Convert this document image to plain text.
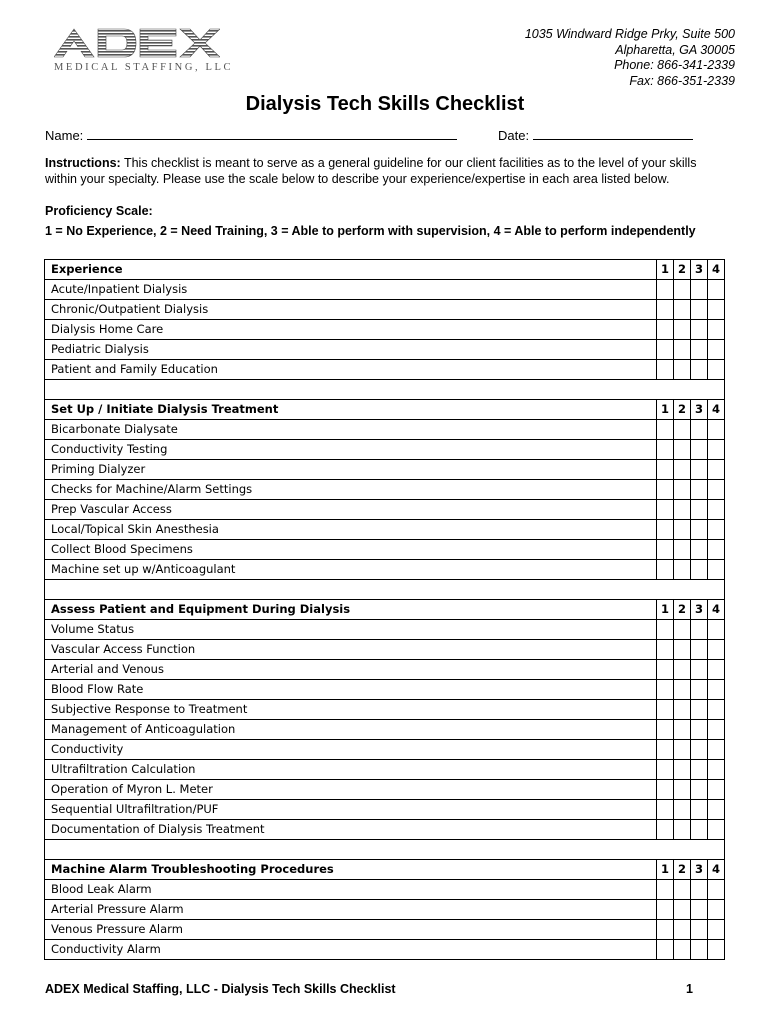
MEDICAL STAFFING, LLC
1035 Windward Ridge Prky, Suite 500
Alpharetta, GA 30005
Phone: 866-341-2339
Fax: 866-351-2339
Dialysis Tech Skills Checklist
Name:	Date:
Instructions: This checklist is meant to serve as a general guideline for our client facilities as to the level of your skills within your specialty. Please use the scale below to describe your experience/expertise in each area listed below.
Proficiency Scale:
1 = No Experience, 2 = Need Training, 3 = Able to perform with supervision, 4 = Able to perform independently
Experience	1	2	3	4
Acute/Inpatient Dialysis				
Chronic/Outpatient Dialysis				
Dialysis Home Care				
Pediatric Dialysis				
Patient and Family Education				

Set Up / Initiate Dialysis Treatment	1	2	3	4
Bicarbonate Dialysate				
Conductivity Testing				
Priming Dialyzer				
Checks for Machine/Alarm Settings				
Prep Vascular Access				
Local/Topical Skin Anesthesia				
Collect Blood Specimens				
Machine set up w/Anticoagulant				

Assess Patient and Equipment During Dialysis	1	2	3	4
Volume Status				
Vascular Access Function				
Arterial and Venous				
Blood Flow Rate				
Subjective Response to Treatment				
Management of Anticoagulation				
Conductivity				
Ultrafiltration Calculation				
Operation of Myron L. Meter				
Sequential Ultrafiltration/PUF				
Documentation of Dialysis Treatment				

Machine Alarm Troubleshooting Procedures	1	2	3	4
Blood Leak Alarm				
Arterial Pressure Alarm				
Venous Pressure Alarm				
Conductivity Alarm				
ADEX Medical Staffing, LLC - Dialysis Tech Skills Checklist	1
